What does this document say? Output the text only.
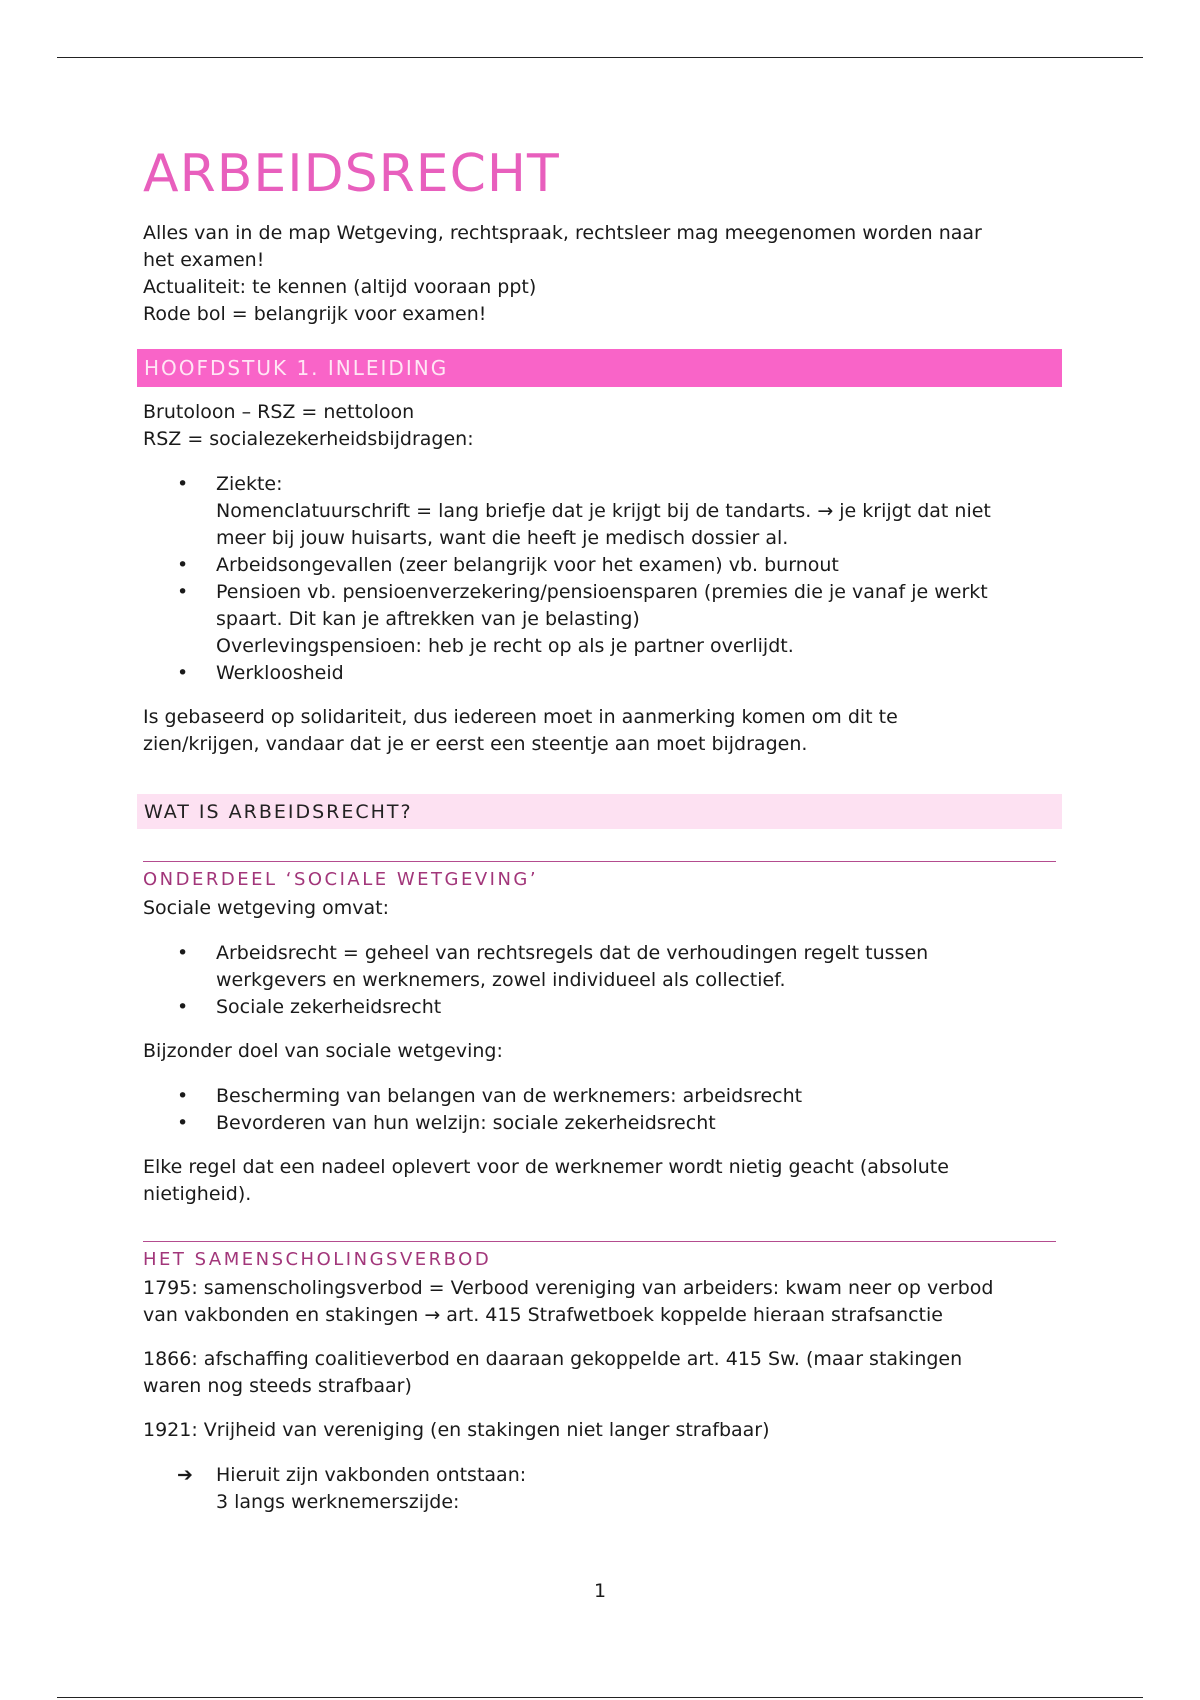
ARBEIDSRECHT

Alles van in de map Wetgeving, rechtspraak, rechtsleer mag meegenomen worden naar

het examen!

Actualiteit: te kennen (altijd vooraan ppt)

Rode bol = belangrijk voor examen!

HOOFDSTUK 1. INLEIDING

Brutoloon – RSZ = nettoloon

RSZ = socialezekerheidsbijdragen:

• Ziekte:
Nomenclatuurschrift = lang briefje dat je krijgt bij de tandarts. → je krijgt dat niet
meer bij jouw huisarts, want die heeft je medisch dossier al.
• Arbeidsongevallen (zeer belangrijk voor het examen) vb. burnout
• Pensioen vb. pensioenverzekering/pensioensparen (premies die je vanaf je werkt
spaart. Dit kan je aftrekken van je belasting)
Overlevingspensioen: heb je recht op als je partner overlijdt.
• Werkloosheid

Is gebaseerd op solidariteit, dus iedereen moet in aanmerking komen om dit te

zien/krijgen, vandaar dat je er eerst een steentje aan moet bijdragen.

WAT IS ARBEIDSRECHT?
ONDERDEEL ‘SOCIALE WETGEVING’

Sociale wetgeving omvat:

• Arbeidsrecht = geheel van rechtsregels dat de verhoudingen regelt tussen
werkgevers en werknemers, zowel individueel als collectief.
• Sociale zekerheidsrecht

Bijzonder doel van sociale wetgeving:

• Bescherming van belangen van de werknemers: arbeidsrecht
• Bevorderen van hun welzijn: sociale zekerheidsrecht

Elke regel dat een nadeel oplevert voor de werknemer wordt nietig geacht (absolute

nietigheid).

HET SAMENSCHOLINGSVERBOD

1795: samenscholingsverbod = Verbood vereniging van arbeiders: kwam neer op verbod

van vakbonden en stakingen → art. 415 Strafwetboek koppelde hieraan strafsanctie

1866: afschaffing coalitieverbod en daaraan gekoppelde art. 415 Sw. (maar stakingen

waren nog steeds strafbaar)

1921: Vrijheid van vereniging (en stakingen niet langer strafbaar)

➔ Hieruit zijn vakbonden ontstaan:
3 langs werknemerszijde:
1
